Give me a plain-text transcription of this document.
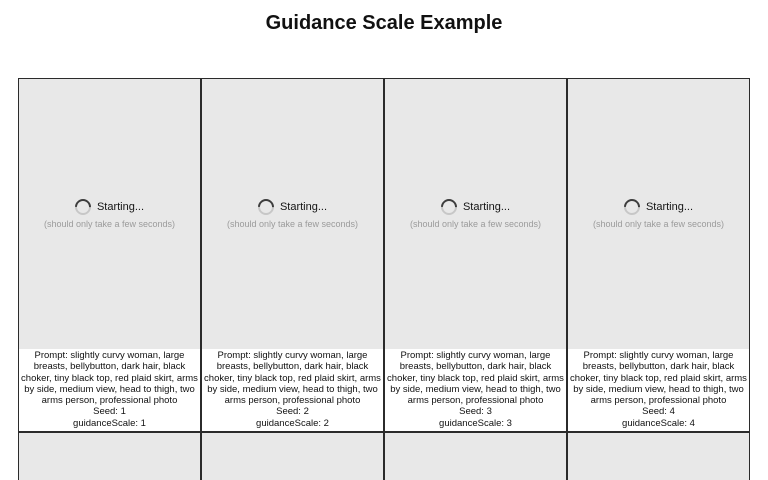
Guidance Scale Example
Starting...
(should only take a few seconds)
Prompt: slightly curvy woman, large breasts, bellybutton, dark hair, black choker, tiny black top, red plaid skirt, arms by side, medium view, head to thigh, two arms person, professional photo
Seed: 1
guidanceScale: 1
Starting...
(should only take a few seconds)
Prompt: slightly curvy woman, large breasts, bellybutton, dark hair, black choker, tiny black top, red plaid skirt, arms by side, medium view, head to thigh, two arms person, professional photo
Seed: 2
guidanceScale: 2
Starting...
(should only take a few seconds)
Prompt: slightly curvy woman, large breasts, bellybutton, dark hair, black choker, tiny black top, red plaid skirt, arms by side, medium view, head to thigh, two arms person, professional photo
Seed: 3
guidanceScale: 3
Starting...
(should only take a few seconds)
Prompt: slightly curvy woman, large breasts, bellybutton, dark hair, black choker, tiny black top, red plaid skirt, arms by side, medium view, head to thigh, two arms person, professional photo
Seed: 4
guidanceScale: 4
